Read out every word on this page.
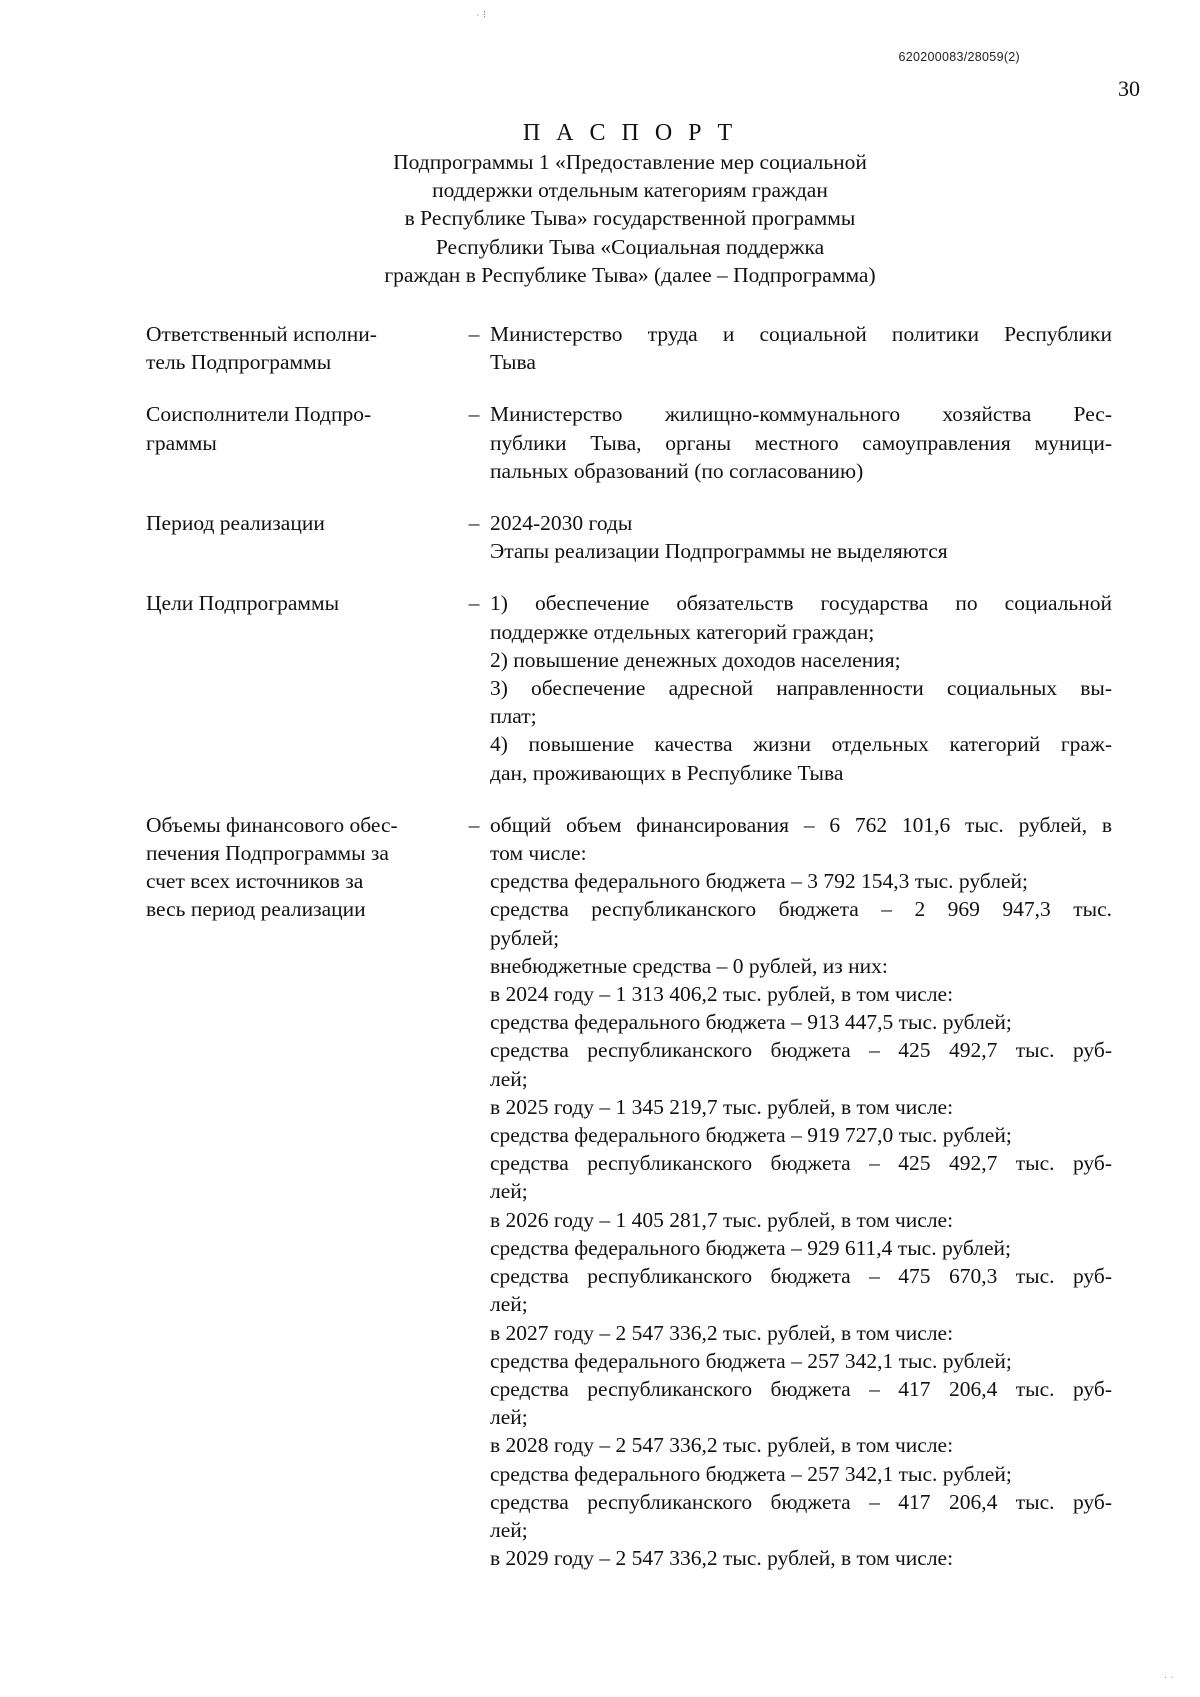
620200083/28059(2)
30
· ⁝
· ·
П А С П О Р Т
Подпрограммы 1 «Предоставление мер социальной
поддержки отдельным категориям граждан
в Республике Тыва» государственной программы
Республики Тыва «Социальная поддержка
граждан в Республике Тыва» (далее – Подпрограмма)
Ответственный исполни-
тель Подпрограммы
– Министерство труда и социальной политики Республики
Тыва
Соисполнители Подпро-
граммы
– Министерство жилищно-коммунального хозяйства Рес-
публики Тыва, органы местного самоуправления муници-
пальных образований (по согласованию)
Период реализации	– 2024-2030 годы
Этапы реализации Подпрограммы не выделяются
Цели Подпрограммы	– 1) обеспечение обязательств государства по социальной
поддержке отдельных категорий граждан;
2) повышение денежных доходов населения;
3) обеспечение адресной направленности социальных вы-
плат;
4) повышение качества жизни отдельных категорий граж-
дан, проживающих в Республике Тыва
Объемы финансового обес-
печения Подпрограммы за
счет всех источников за
весь период реализации
– общий объем финансирования – 6 762 101,6 тыс. рублей, в
том числе:
средства федерального бюджета – 3 792 154,3 тыс. рублей;
средства республиканского бюджета – 2 969 947,3 тыс.
рублей;
внебюджетные средства – 0 рублей, из них:
в 2024 году – 1 313 406,2 тыс. рублей, в том числе:
средства федерального бюджета – 913 447,5 тыс. рублей;
средства республиканского бюджета – 425 492,7 тыс. руб-
лей;
в 2025 году – 1 345 219,7 тыс. рублей, в том числе:
средства федерального бюджета – 919 727,0 тыс. рублей;
средства республиканского бюджета – 425 492,7 тыс. руб-
лей;
в 2026 году – 1 405 281,7 тыс. рублей, в том числе:
средства федерального бюджета – 929 611,4 тыс. рублей;
средства республиканского бюджета – 475 670,3 тыс. руб-
лей;
в 2027 году – 2 547 336,2 тыс. рублей, в том числе:
средства федерального бюджета – 257 342,1 тыс. рублей;
средства республиканского бюджета – 417 206,4 тыс. руб-
лей;
в 2028 году – 2 547 336,2 тыс. рублей, в том числе:
средства федерального бюджета – 257 342,1 тыс. рублей;
средства республиканского бюджета – 417 206,4 тыс. руб-
лей;
в 2029 году – 2 547 336,2 тыс. рублей, в том числе:
